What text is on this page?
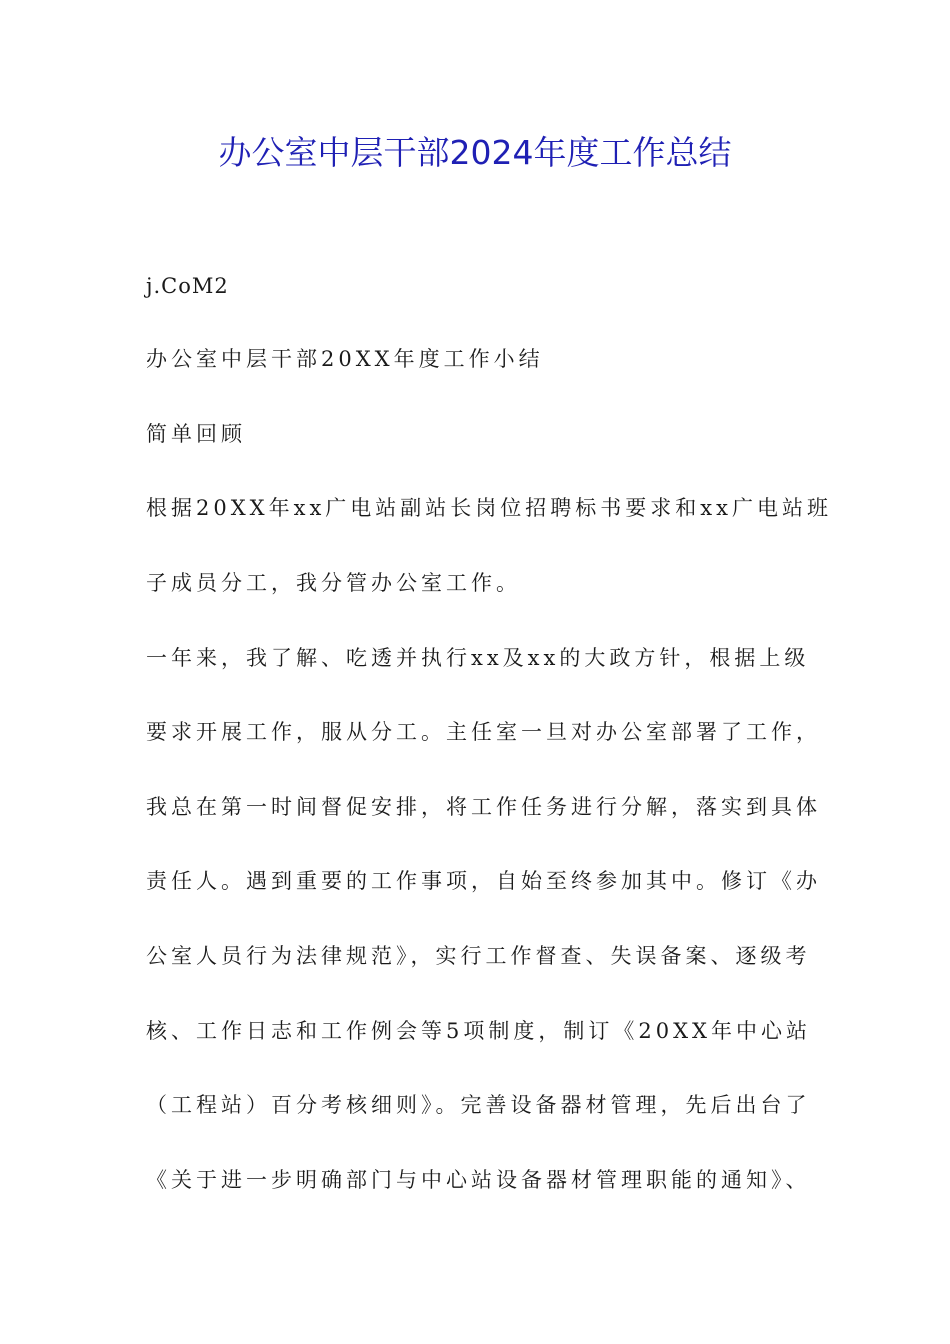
办公室中层干部2024年度工作总结
j.CoM2
办公室中层干部20XX年度工作小结
简单回顾
根据20XX年xx广电站副站长岗位招聘标书要求和xx广电站班
子成员分工，我分管办公室工作。
一年来，我了解、吃透并执行xx及xx的大政方针，根据上级
要求开展工作，服从分工。主任室一旦对办公室部署了工作，
我总在第一时间督促安排，将工作任务进行分解，落实到具体
责任人。遇到重要的工作事项，自始至终参加其中。修订《办
公室人员行为法律规范》，实行工作督查、失误备案、逐级考
核、工作日志和工作例会等5项制度，制订《20XX年中心站
（工程站）百分考核细则》。完善设备器材管理，先后出台了
《关于进一步明确部门与中心站设备器材管理职能的通知》、
